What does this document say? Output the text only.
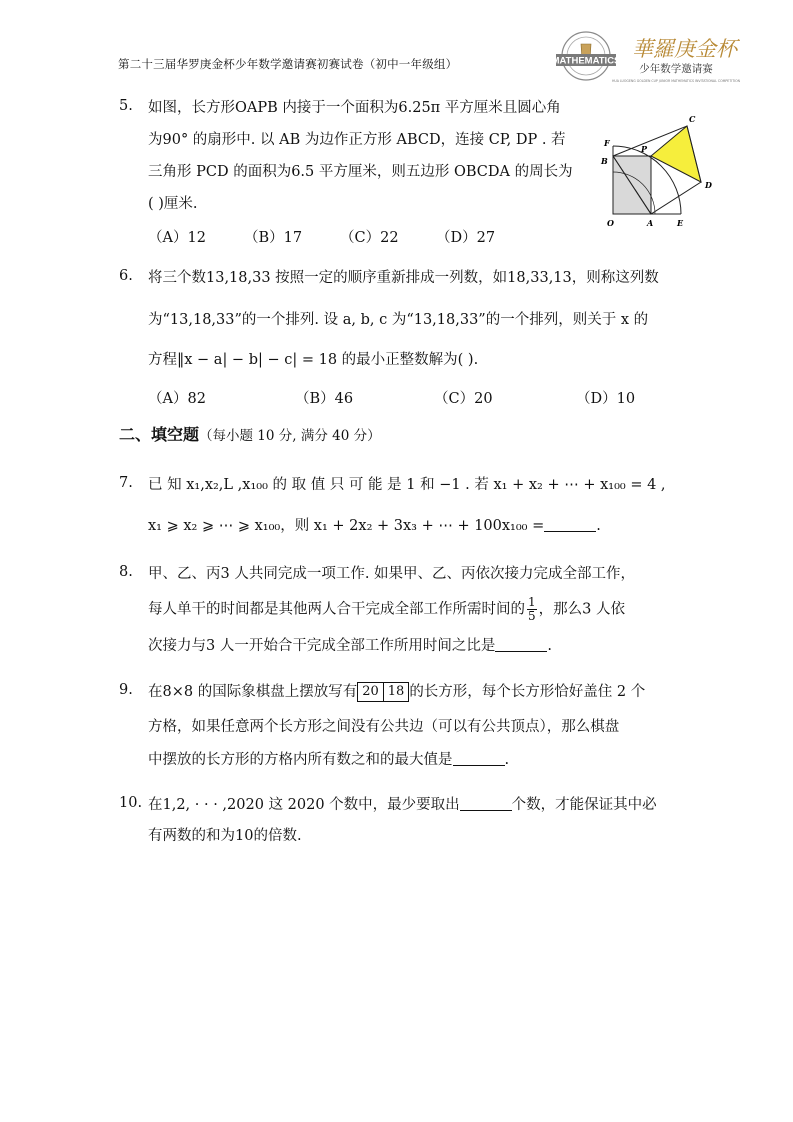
第二十三届华罗庚金杯少年数学邀请赛初赛试卷（初中一年级组）	MATHEMATICS 華羅庚金杯
少年数学邀请赛
HUA LUOGENG GOLDEN CUP JUNIOR MATHEMATICS INVITATIONAL COMPETITION
5. 如图，长方形OAPB 内接于一个面积为6.25π 平方厘米且圆心角
为90° 的扇形中. 以 AB 为边作正方形 ABCD，连接 CP, DP . 若
三角形 PCD 的面积为6.5 平方厘米，则五边形 OBCDA 的周长为
( )厘米.
（A）12	（B）17	（C）22	（D）27
C
F
P
B
D
O	A	E
6. 将三个数13,18,33 按照一定的顺序重新排成一列数，如18,33,13，则称这列数
为“13,18,33”的一个排列. 设 a, b, c 为“13,18,33”的一个排列，则关于 x 的
方程‖x − a| − b| − c| = 18 的最小正整数解为( ).
（A）82	（B）46	（C）20	（D）10
二、填空题（每小题 10 分, 满分 40 分）
7. 已 知 x₁,x₂,L ,x₁₀₀ 的 取 值 只 可 能 是 1 和 −1 . 若 x₁ + x₂ + ⋯ + x₁₀₀ = 4 ,
x₁ ⩾ x₂ ⩾ ⋯ ⩾ x₁₀₀，则 x₁ + 2x₂ + 3x₃ + ⋯ + 100x₁₀₀ =	.
8. 甲、乙、丙3 人共同完成一项工作. 如果甲、乙、丙依次接力完成全部工作，
每人单干的时间都是其他两人合干完成全部工作所需时间的 $\frac{1}{5}$ ，那么3 人依
次接力与3 人一开始合干完成全部工作所用时间之比是	.
9. 在8×8 的国际象棋盘上摆放写有 20 18 的长方形，每个长方形恰好盖住 2 个
方格，如果任意两个长方形之间没有公共边（可以有公共顶点），那么棋盘
中摆放的长方形的方格内所有数之和的最大值是	.
10. 在1,2, · · · ,2020 这 2020 个数中，最少要取出	个数，才能保证其中必
有两数的和为10的倍数.
